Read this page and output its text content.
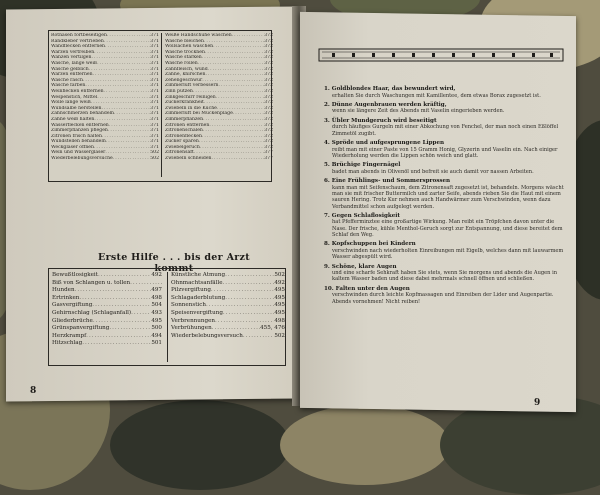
Rotnasen fortbeseitigen .....	371
Randkleber vertrieben .....	371
Wandflecken entfernen .....	371
Warzen vertreiben .....	371
Wanzen vertilgen .....	371
Wäsche, lange weiß .....	371
Wäsche gelblich .....	371
Warzen entfernen .....	371
Wäsche rasch .....	371
Wäsche färben .....	371
Weinflecken entfernen .....	371
Wespenstich, Mittel .....	371
Wolle lange weiß .....	371
Wundsalbe herstellen .....	371
Zahnschmerzen behandeln .....	371
Zähne weiß halten .....	371
Wasserflecken entfernen .....	371
Zimmerpflanzen pflegen .....	371
Zitronen frisch halten .....	371
Wundstellen behandeln .....	371
Weckgläser öffnen .....	371
Wein und Wassergläser .....	502
Wiederbelebungsversuche .....	502
Weiße Handschuhe waschen .....	372
Wäsche bleichen .....	372
Wollsachen waschen .....	372
Wäsche trocknen .....	372
Wäsche stärken .....	372
Wäsche rollen .....	372
Zahnfleisch, wund .....	372
Zähne, knirschen .....	372
Zehengeschwür .....	372
Zimmerluft verbessern .....	372
Zinn putzen .....	372
Zinkgeschirr reinigen .....	372
Zuckerkrankheit .....	372
Zwiebeln in die Küche .....	372
Zimmerluft bei Mückenplage .....	372
Zimmerpflanzen .....	372
Zitronen entfernen .....	372
Zitronenschalen .....	372
Zitronenflecken .....	372
Zucker sparen .....	372
Zwiebelgeruch .....	372
Zitronensaft .....	377
Zwiebeln schneiden .....	377
Erste Hilfe . . . bis der Arzt kommt
Bewußtlosigkeit .....	492
Biß von Schlangen u. tollen
.....
Hunden .....	497
Ertrinken .....	498
Gasvergiftung .....	504
Gehirnschlag (Schlaganfall) .....	493
Gliederbrüche .....	495
Grünspanvergiftung .....	500
Herzkrampf .....	494
Hitzschlag .....	501
Künstliche Atmung .....	502
Ohnmachtsanfälle .....	492
Pilzvergiftung .....	495
Schlagaderblutung .....	495
Sonnenstich .....	495
Speisenvergiftung .....	495
Verbrennungen .....	498
Verbrühungen .....	455, 476
Wiederbelebungsversuch .....	502
8
1. Goldblondes Haar, das bewundert wird,
erhalten Sie durch Waschungen mit Kamillentee, dem etwas Borax zugesetzt ist.
2. Dünne Augenbrauen werden kräftig,
wenn sie längere Zeit des Abends mit Vaselin eingerieben werden.
3. Übler Mundgeruch wird beseitigt
durch häufiges Gurgeln mit einer Abkochung von Fenchel, der man noch einen Eßlöffel Zimmetöl zugibt.
4. Spröde und aufgesprungene Lippen
reibt man mit einer Paste von 15 Gramm Honig, Glyzerin und Vaselin ein. Nach einiger Wiederholung werden die Lippen schön weich und glatt.
5. Brüchige Fingernägel
badet man abends in Olivenöl und befreit sie auch damit vor nassen Arbeiten.
6. Eine Frühlings- und Sommersprossen
kann man mit Seifenschaum, dem Zitronensaft zugesetzt ist, behandeln. Morgens wäscht man sie mit frischer Buttermilch und zarter Seife, abends rieben Sie die Haut mit einem sauren Hering. Trotz Kur nehmen auch Handwärmer zum Verschwinden, wenn dazu Verbandmittel schon aufgelegt werden.
7. Gegen Schlaflosigkeit
hat Pfefferminztee eine großartige Wirkung. Man reibt ein Tröpfchen davon unter die Nase. Der frische, kühle Menthol-Geruch sorgt zur Entspannung, und diese bereitet dem Schlaf den Weg.
8. Kopfschuppen bei Kindern
verschwinden nach wiederholten Einreibungen mit Eigelb, welches dann mit lauwarmem Wasser abgespült wird.
9. Schöne, klare Augen
und eine scharfe Sehkraft haben Sie stets, wenn Sie morgens und abends die Augen in kaltem Wasser baden und diese dabei mehrmals schnell öffnen und schließen.
10. Falten unter den Augen
verschwinden durch leichte Kopfmassagen und Einreiben der Lider und Augenpartie. Abends vornehmen! Nicht reiben!
9
